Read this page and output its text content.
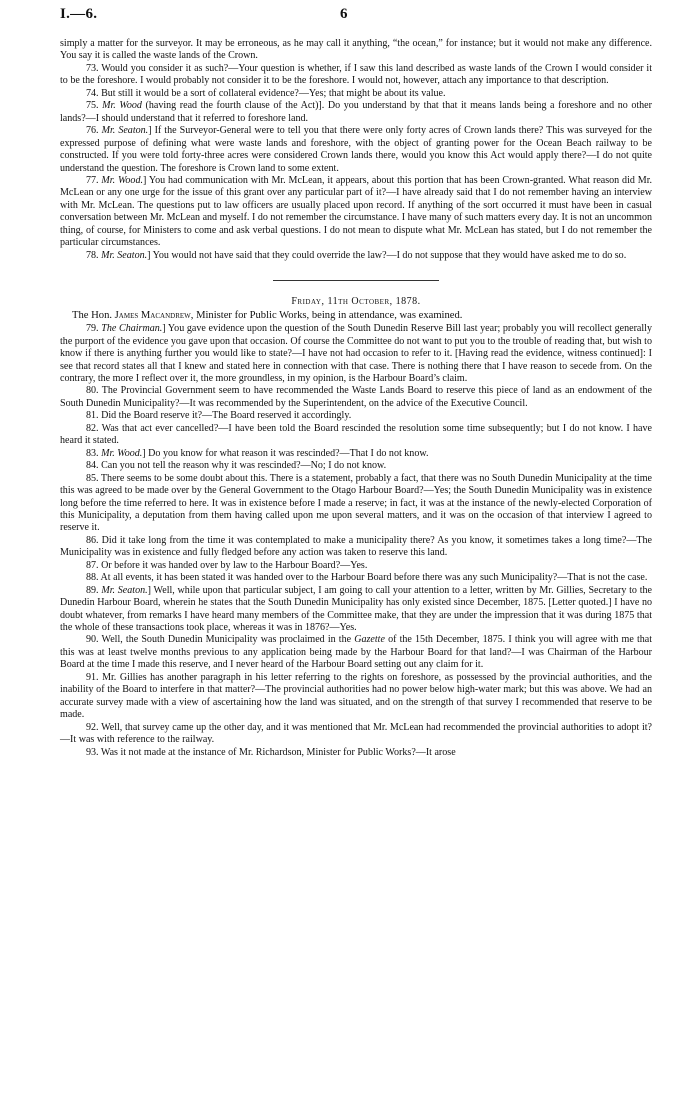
I.—6.	6

simply a matter for the surveyor. It may be erroneous, as he may call it anything, “the ocean,” for instance; but it would not make any difference. You say it is called the waste lands of the Crown.

73. Would you consider it as such?—Your question is whether, if I saw this land described as waste lands of the Crown I would consider it to be the foreshore. I would probably not consider it to be the foreshore. I would not, however, attach any importance to that description.

74. But still it would be a sort of collateral evidence?—Yes; that might be about its value.

75. Mr. Wood (having read the fourth clause of the Act)]. Do you understand by that that it means lands being a foreshore and no other lands?—I should understand that it referred to foreshore land.

76. Mr. Seaton.] If the Surveyor-General were to tell you that there were only forty acres of Crown lands there? This was surveyed for the expressed purpose of defining what were waste lands and foreshore, with the object of granting power for the Ocean Beach railway to be constructed. If you were told forty-three acres were considered Crown lands there, would you know this Act would apply there?—I do not quite understand the question. The foreshore is Crown land to some extent.

77. Mr. Wood.] You had communication with Mr. McLean, it appears, about this portion that has been Crown-granted. What reason did Mr. McLean or any one urge for the issue of this grant over any particular part of it?—I have already said that I do not remember having an interview with Mr. McLean. The questions put to law officers are usually placed upon record. If anything of the sort occurred it must have been in casual conversation between Mr. McLean and myself. I do not remember the circumstance. I have many of such matters every day. It is not an uncommon thing, of course, for Ministers to come and ask verbal questions. I do not mean to dispute what Mr. McLean has stated, but I do not remember the particular circumstances.

78. Mr. Seaton.] You would not have said that they could override the law?—I do not suppose that they would have asked me to do so.

Friday, 11th October, 1878.

The Hon. James Macandrew, Minister for Public Works, being in attendance, was examined.

79. The Chairman.] You gave evidence upon the question of the South Dunedin Reserve Bill last year; probably you will recollect generally the purport of the evidence you gave upon that occasion. Of course the Committee do not want to put you to the trouble of reading that, but wish to know if there is anything further you would like to state?—I have not had occasion to refer to it. [Having read the evidence, witness continued]: I see that record states all that I knew and stated here in connection with that case. There is nothing there that I have reason to secede from. On the contrary, the more I reflect over it, the more groundless, in my opinion, is the Harbour Board’s claim.

80. The Provincial Government seem to have recommended the Waste Lands Board to reserve this piece of land as an endowment of the South Dunedin Municipality?—It was recommended by the Superintendent, on the advice of the Executive Council.

81. Did the Board reserve it?—The Board reserved it accordingly.

82. Was that act ever cancelled?—I have been told the Board rescinded the resolution some time subsequently; but I do not know. I have heard it stated.

83. Mr. Wood.] Do you know for what reason it was rescinded?—That I do not know.

84. Can you not tell the reason why it was rescinded?—No; I do not know.

85. There seems to be some doubt about this. There is a statement, probably a fact, that there was no South Dunedin Municipality at the time this was agreed to be made over by the General Government to the Otago Harbour Board?—Yes; the South Dunedin Municipality was in existence long before the time referred to here. It was in existence before I made a reserve; in fact, it was at the instance of the newly-elected Corporation of this Municipality, a deputation from them having called upon me upon several matters, and it was on the occasion of that interview I agreed to reserve it.

86. Did it take long from the time it was contemplated to make a municipality there? As you know, it sometimes takes a long time?—The Municipality was in existence and fully fledged before any action was taken to reserve this land.

87. Or before it was handed over by law to the Harbour Board?—Yes.

88. At all events, it has been stated it was handed over to the Harbour Board before there was any such Municipality?—That is not the case.

89. Mr. Seaton.] Well, while upon that particular subject, I am going to call your attention to a letter, written by Mr. Gillies, Secretary to the Dunedin Harbour Board, wherein he states that the South Dunedin Municipality has only existed since December, 1875. [Letter quoted.] I have no doubt whatever, from remarks I have heard many members of the Committee make, that they are under the impression that it was during 1875 that the whole of these transactions took place, whereas it was in 1876?—Yes.

90. Well, the South Dunedin Municipality was proclaimed in the Gazette of the 15th December, 1875. I think you will agree with me that this was at least twelve months previous to any application being made by the Harbour Board for that land?—I was Chairman of the Harbour Board at the time I made this reserve, and I never heard of the Harbour Board setting out any claim for it.

91. Mr. Gillies has another paragraph in his letter referring to the rights on foreshore, as possessed by the provincial authorities, and the inability of the Board to interfere in that matter?—The provincial authorities had no power below high-water mark; but this was above. We had an accurate survey made with a view of ascertaining how the land was situated, and on the strength of that survey I recommended that reserve to be made.

92. Well, that survey came up the other day, and it was mentioned that Mr. McLean had recommended the provincial authorities to adopt it?—It was with reference to the railway.

93. Was it not made at the instance of Mr. Richardson, Minister for Public Works?—It arose
